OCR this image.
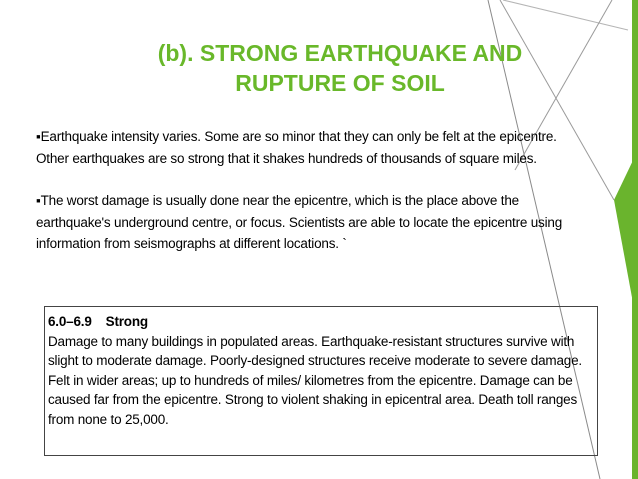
(b). STRONG EARTHQUAKE AND
RUPTURE OF SOIL

▪Earthquake intensity varies. Some are so minor that they can only be felt at the epicentre. Other earthquakes are so strong that it shakes hundreds of thousands of square miles.

▪The worst damage is usually done near the epicentre, which is the place above the earthquake's underground centre, or focus. Scientists are able to locate the epicentre using information from seismographs at different locations. `

6.0–6.9 Strong

Damage to many buildings in populated areas. Earthquake-resistant structures survive with slight to moderate damage. Poorly-designed structures receive moderate to severe damage. Felt in wider areas; up to hundreds of miles/ kilometres from the epicentre. Damage can be caused far from the epicentre. Strong to violent shaking in epicentral area. Death toll ranges from none to 25,000.
